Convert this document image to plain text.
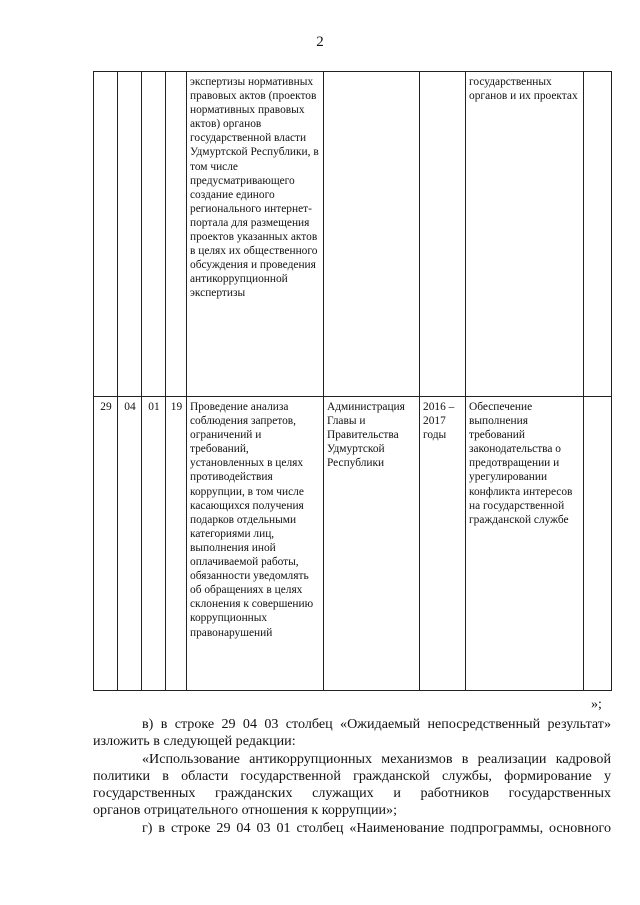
2

				экспертизы нормативных правовых актов (проектов нормативных правовых актов) органов государственной власти Удмуртской Республики, в том числе предусматривающего создание единого регионального интернет-портала для размещения проектов указанных актов в целях их общественного обсуждения и проведения антикоррупционной экспертизы			государственных органов и их проектах	

29	04	01	19	Проведение анализа соблюдения запретов, ограничений и требований, установленных в целях противодействия коррупции, в том числе касающихся получения подарков отдельными категориями лиц, выполнения иной оплачиваемой работы, обязанности уведомлять об обращениях в целях склонения к совершению коррупционных правонарушений	Администрация Главы и Правительства Удмуртской Республики	2016 – 2017 годы	Обеспечение выполнения требований законодательства о предотвращении и урегулировании конфликта интересов на государственной гражданской службе	

»;
в) в строке 29 04 03 столбец «Ожидаемый непосредственный результат»
изложить в следующей редакции:
«Использование антикоррупционных механизмов в реализации кадровой
политики в области государственной гражданской службы, формирование у
государственных гражданских служащих и работников государственных
органов отрицательного отношения к коррупции»;
г) в строке 29 04 03 01 столбец «Наименование подпрограммы, основного
